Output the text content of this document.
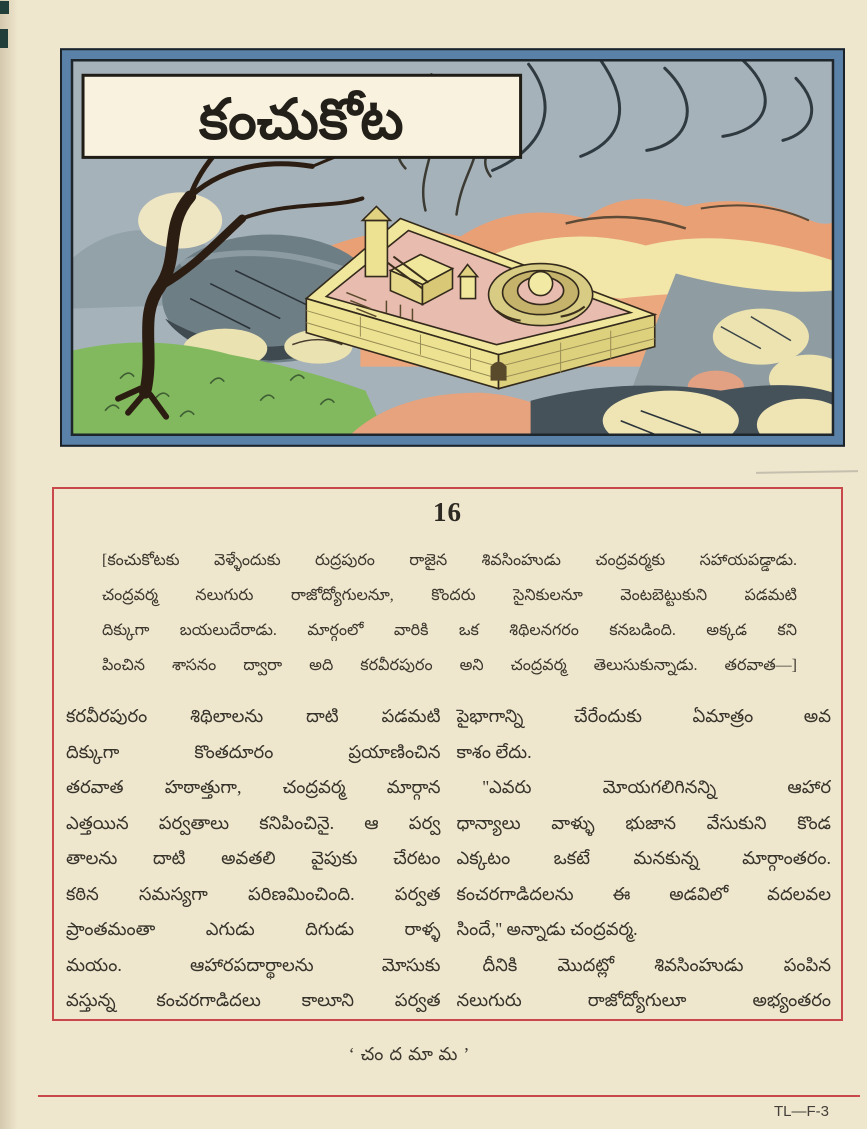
కంచుకోట
16
[కంచుకోటకు వెళ్ళేందుకు రుద్రపురం రాజైన శివసింహుడు చంద్రవర్మకు సహాయపడ్డాడు.
చంద్రవర్మ నలుగురు రాజోద్యోగులనూ, కొందరు సైనికులనూ వెంటబెట్టుకుని పడమటి
దిక్కుగా బయలుదేరాడు. మార్గంలో వారికి ఒక శిథిలనగరం కనబడింది. అక్కడ కని
పించిన శాసనం ద్వారా అది కరవీరపురం అని చంద్రవర్మ తెలుసుకున్నాడు. తరవాత—]
కరవీరపురం శిథిలాలను దాటి పడమటి
దిక్కుగా కొంతదూరం ప్రయాణించిన
తరవాత హఠాత్తుగా, చంద్రవర్మ మార్గాన
ఎత్తయిన పర్వతాలు కనిపించినై. ఆ పర్వ
తాలను దాటి అవతలి వైపుకు చేరటం
కఠిన సమస్యగా పరిణమించింది. పర్వత
ప్రాంతమంతా ఎగుడు దిగుడు రాళ్ళ
మయం. ఆహారపదార్థాలను మోసుకు
వస్తున్న కంచరగాడిదలు కాలూని పర్వత
పైభాగాన్ని చేరేందుకు ఏమాత్రం అవ
కాశం లేదు.
''ఎవరు మోయగలిగినన్ని ఆహార
ధాన్యాలు వాళ్ళు భుజాన వేసుకుని కొండ
ఎక్కటం ఒకటే మనకున్న మార్గాంతరం.
కంచరగాడిదలను ఈ అడవిలో వదలవల
సిందే,'' అన్నాడు చంద్రవర్మ.
దీనికి మొదట్లో శివసింహుడు పంపిన
నలుగురు రాజోద్యోగులూ అభ్యంతరం
‘చందమామ’
TL—F-3
